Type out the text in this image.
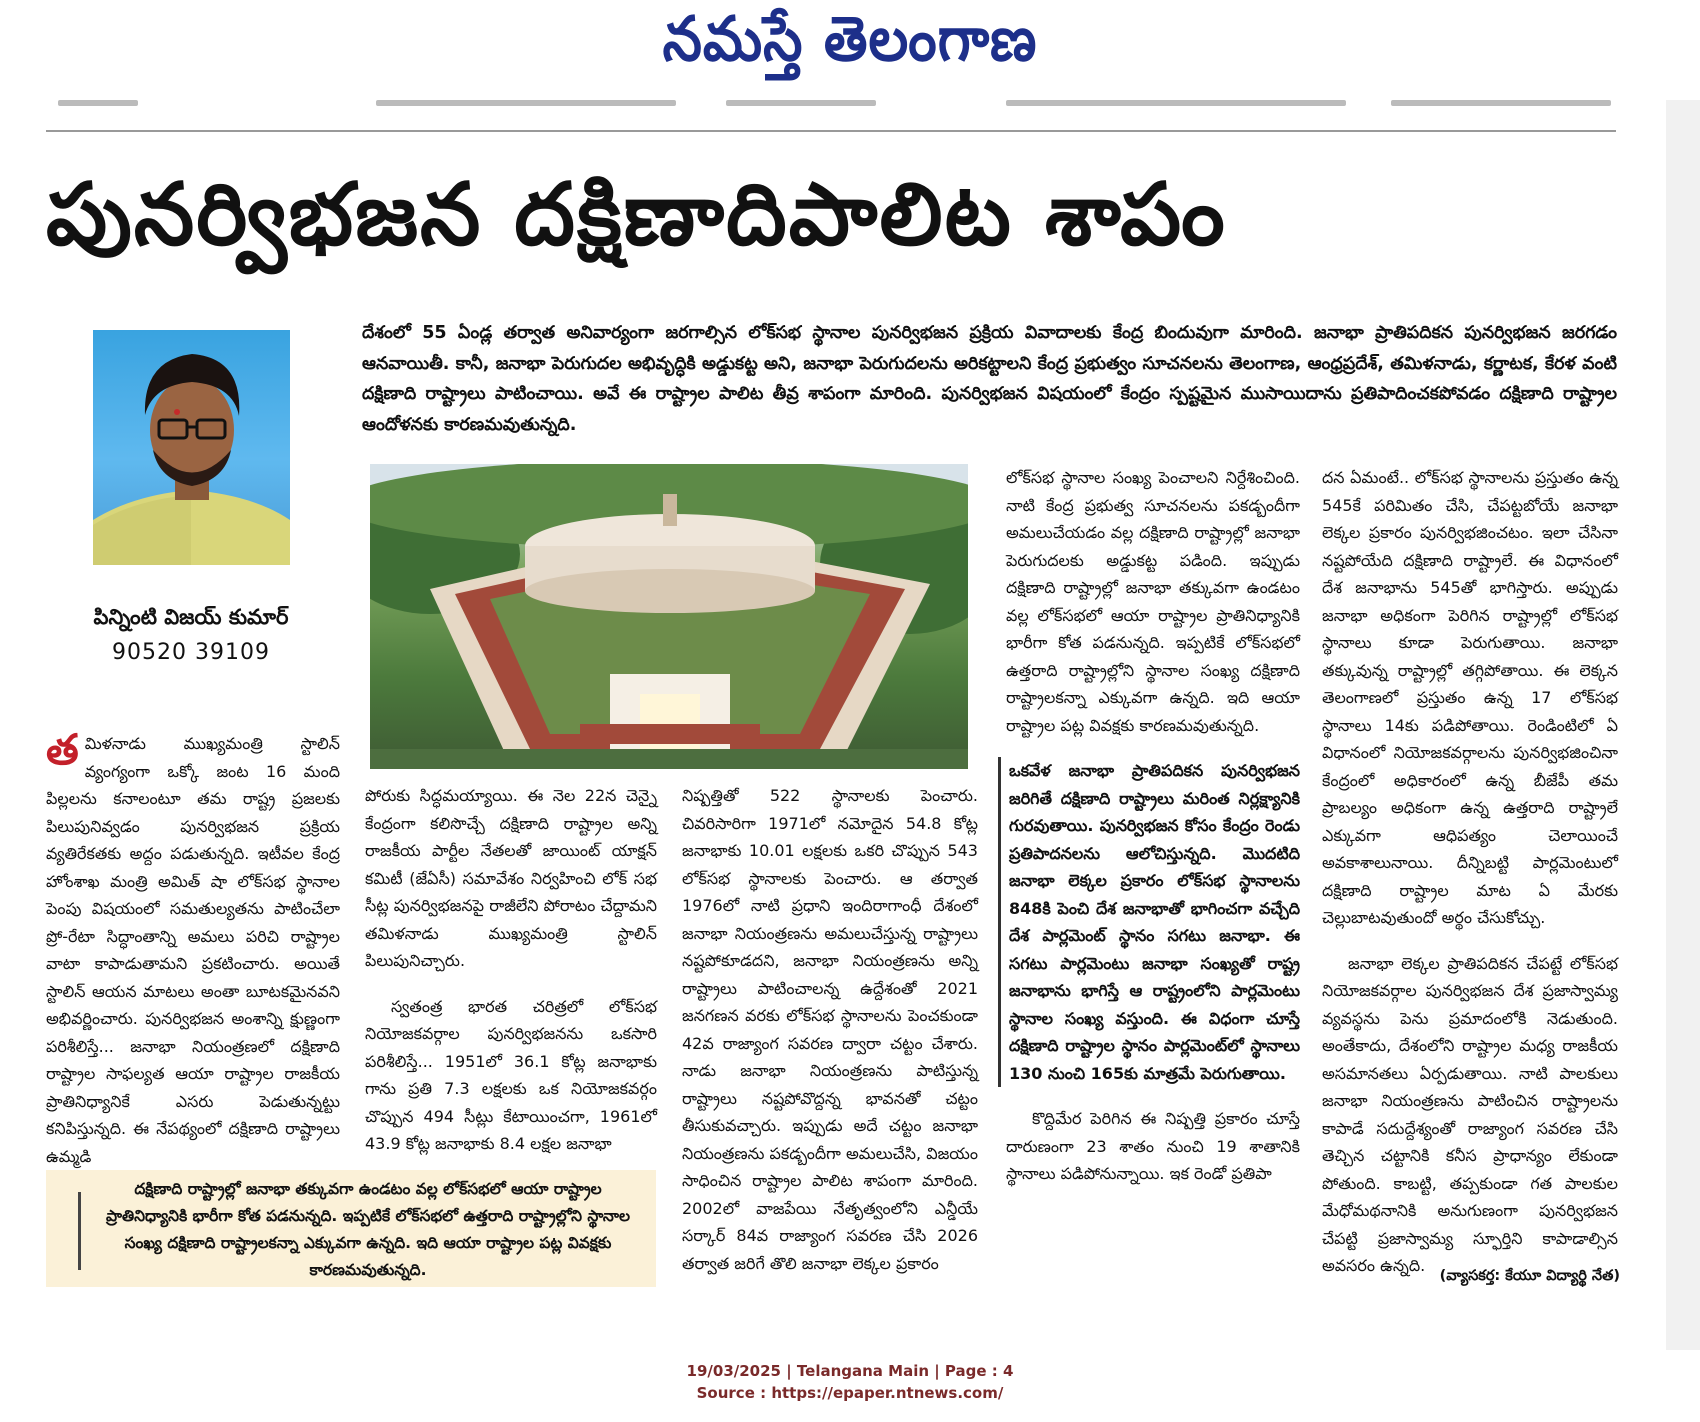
నమస్తే తెలంగాణ
పునర్విభజన దక్షిణాదిపాలిట శాపం
పిన్నింటి విజయ్ కుమార్
90520 39109
దేశంలో 55 ఏండ్ల తర్వాత అనివార్యంగా జరగాల్సిన లోక్‌సభ స్థానాల పునర్విభజన ప్రక్రియ వివాదాలకు కేంద్ర బిందువుగా మారింది. జనాభా ప్రాతిపదికన పునర్విభజన జరగడం ఆనవాయితీ. కానీ, జనాభా పెరుగుదల అభివృద్ధికి అడ్డుకట్ట అని, జనాభా పెరుగుదలను అరికట్టాలని కేంద్ర ప్రభుత్వం సూచనలను తెలంగాణ, ఆంధ్రప్రదేశ్, తమిళనాడు, కర్ణాటక, కేరళ వంటి దక్షిణాది రాష్ట్రాలు పాటించాయి. అవే ఈ రాష్ట్రాల పాలిట తీవ్ర శాపంగా మారింది. పునర్విభజన విషయంలో కేంద్రం స్పష్టమైన ముసాయిదాను ప్రతిపాదించకపోవడం దక్షిణాది రాష్ట్రాల ఆందోళనకు కారణమవుతున్నది.

తమిళనాడు ముఖ్యమంత్రి స్టాలిన్ వ్యంగ్యంగా ఒక్కో జంట 16 మంది పిల్లలను కనాలంటూ తమ రాష్ట్ర ప్రజలకు పిలుపునివ్వడం పునర్విభజన ప్రక్రియ వ్యతిరేకతకు అద్దం పడుతున్నది. ఇటీవల కేంద్ర హోంశాఖ మంత్రి అమిత్ షా లోక్‌సభ స్థానాల పెంపు విషయంలో సమతుల్యతను పాటించేలా ప్రో-రేటా సిద్ధాంతాన్ని అమలు పరిచి రాష్ట్రాల వాటా కాపాడుతామని ప్రకటించారు. అయితే స్టాలిన్ ఆయన మాటలు అంతా బూటకమైనవని అభివర్ణించారు. పునర్విభజన అంశాన్ని క్షుణ్ణంగా పరిశీలిస్తే... జనాభా నియంత్రణలో దక్షిణాది రాష్ట్రాల సాఫల్యత ఆయా రాష్ట్రాల రాజకీయ ప్రాతినిధ్యానికే ఎసరు పెడుతున్నట్టు కనిపిస్తున్నది. ఈ నేపథ్యంలో దక్షిణాది రాష్ట్రాలు ఉమ్మడి

దక్షిణాది రాష్ట్రాల్లో జనాభా తక్కువగా ఉండటం వల్ల లోక్‌సభలో ఆయా రాష్ట్రాల ప్రాతినిధ్యానికి భారీగా కోత పడనున్నది. ఇప్పటికే లోక్‌సభలో ఉత్తరాది రాష్ట్రాల్లోని స్థానాల సంఖ్య దక్షిణాది రాష్ట్రాలకన్నా ఎక్కువగా ఉన్నది. ఇది ఆయా రాష్ట్రాల పట్ల వివక్షకు కారణమవుతున్నది.

పోరుకు సిద్ధమయ్యాయి. ఈ నెల 22న చెన్నై కేంద్రంగా కలిసొచ్చే దక్షిణాది రాష్ట్రాల అన్ని రాజకీయ పార్టీల నేతలతో జాయింట్ యాక్షన్ కమిటీ (జేఏసీ) సమావేశం నిర్వహించి లోక్ సభ సీట్ల పునర్విభజనపై రాజీలేని పోరాటం చేద్దామని తమిళనాడు ముఖ్యమంత్రి స్టాలిన్ పిలుపునిచ్చారు.

స్వతంత్ర భారత చరిత్రలో లోక్‌సభ నియోజకవర్గాల పునర్విభజనను ఒకసారి పరిశీలిస్తే... 1951లో 36.1 కోట్ల జనాభాకు గాను ప్రతి 7.3 లక్షలకు ఒక నియోజకవర్గం చొప్పున 494 సీట్లు కేటాయించగా, 1961లో 43.9 కోట్ల జనాభాకు 8.4 లక్షల జనాభా

నిష్పత్తితో 522 స్థానాలకు పెంచారు. చివరిసారిగా 1971లో నమోదైన 54.8 కోట్ల జనాభాకు 10.01 లక్షలకు ఒకరి చొప్పున 543 లోక్‌సభ స్థానాలకు పెంచారు. ఆ తర్వాత 1976లో నాటి ప్రధాని ఇందిరాగాంధీ దేశంలో జనాభా నియంత్రణను అమలుచేస్తున్న రాష్ట్రాలు నష్టపోకూడదని, జనాభా నియంత్రణను అన్ని రాష్ట్రాలు పాటించాలన్న ఉద్దేశంతో 2021 జనగణన వరకు లోక్‌సభ స్థానాలను పెంచకుండా 42వ రాజ్యాంగ సవరణ ద్వారా చట్టం చేశారు. నాడు జనాభా నియంత్రణను పాటిస్తున్న రాష్ట్రాలు నష్టపోవొద్దన్న భావనతో చట్టం తీసుకువచ్చారు. ఇప్పుడు అదే చట్టం జనాభా నియంత్రణను పకడ్బందీగా అమలుచేసి, విజయం సాధించిన రాష్ట్రాల పాలిట శాపంగా మారింది. 2002లో వాజపేయి నేతృత్వంలోని ఎన్డీయే సర్కార్ 84వ రాజ్యాంగ సవరణ చేసి 2026 తర్వాత జరిగే తొలి జనాభా లెక్కల ప్రకారం

లోక్‌సభ స్థానాల సంఖ్య పెంచాలని నిర్దేశించింది. నాటి కేంద్ర ప్రభుత్వ సూచనలను పకడ్బందీగా అమలుచేయడం వల్ల దక్షిణాది రాష్ట్రాల్లో జనాభా పెరుగుదలకు అడ్డుకట్ట పడింది. ఇప్పుడు దక్షిణాది రాష్ట్రాల్లో జనాభా తక్కువగా ఉండటం వల్ల లోక్‌సభలో ఆయా రాష్ట్రాల ప్రాతినిధ్యానికి భారీగా కోత పడనున్నది. ఇప్పటికే లోక్‌సభలో ఉత్తరాది రాష్ట్రాల్లోని స్థానాల సంఖ్య దక్షిణాది రాష్ట్రాలకన్నా ఎక్కువగా ఉన్నది. ఇది ఆయా రాష్ట్రాల పట్ల వివక్షకు కారణమవుతున్నది.

ఒకవేళ జనాభా ప్రాతిపదికన పునర్విభజన జరిగితే దక్షిణాది రాష్ట్రాలు మరింత నిర్లక్ష్యానికి గురవుతాయి. పునర్విభజన కోసం కేంద్రం రెండు ప్రతిపాదనలను ఆలోచిస్తున్నది. మొదటిది జనాభా లెక్కల ప్రకారం లోక్‌సభ స్థానాలను 848కి పెంచి దేశ జనాభాతో భాగించగా వచ్చేది దేశ పార్లమెంట్ స్థానం సగటు జనాభా. ఈ సగటు పార్లమెంటు జనాభా సంఖ్యతో రాష్ట్ర జనాభాను భాగిస్తే ఆ రాష్ట్రంలోని పార్లమెంటు స్థానాల సంఖ్య వస్తుంది. ఈ విధంగా చూస్తే దక్షిణాది రాష్ట్రాల స్థానం పార్లమెంట్‌లో స్థానాలు 130 నుంచి 165కు మాత్రమే పెరుగుతాయి.

కొద్దిమేర పెరిగిన ఈ నిష్పత్తి ప్రకారం చూస్తే దారుణంగా 23 శాతం నుంచి 19 శాతానికి స్థానాలు పడిపోనున్నాయి. ఇక రెండో ప్రతిపా

దన ఏమంటే.. లోక్‌సభ స్థానాలను ప్రస్తుతం ఉన్న 545కే పరిమితం చేసి, చేపట్టబోయే జనాభా లెక్కల ప్రకారం పునర్విభజించటం. ఇలా చేసినా నష్టపోయేది దక్షిణాది రాష్ట్రాలే. ఈ విధానంలో దేశ జనాభాను 545తో భాగిస్తారు. అప్పుడు జనాభా అధికంగా పెరిగిన రాష్ట్రాల్లో లోక్‌సభ స్థానాలు కూడా పెరుగుతాయి. జనాభా తక్కువున్న రాష్ట్రాల్లో తగ్గిపోతాయి. ఈ లెక్కన తెలంగాణలో ప్రస్తుతం ఉన్న 17 లోక్‌సభ స్థానాలు 14కు పడిపోతాయి. రెండింటిలో ఏ విధానంలో నియోజకవర్గాలను పునర్విభజించినా కేంద్రంలో అధికారంలో ఉన్న బీజేపీ తమ ప్రాబల్యం అధికంగా ఉన్న ఉత్తరాది రాష్ట్రాలే ఎక్కువగా ఆధిపత్యం చెలాయించే అవకాశాలునాయి. దీన్నిబట్టి పార్లమెంటులో దక్షిణాది రాష్ట్రాల మాట ఏ మేరకు చెల్లుబాటవుతుందో అర్థం చేసుకోచ్చు.

జనాభా లెక్కల ప్రాతిపదికన చేపట్టే లోక్‌సభ నియోజకవర్గాల పునర్విభజన దేశ ప్రజాస్వామ్య వ్యవస్థను పెను ప్రమాదంలోకి నెడుతుంది. అంతేకాదు, దేశంలోని రాష్ట్రాల మధ్య రాజకీయ అసమానతలు ఏర్పడుతాయి. నాటి పాలకులు జనాభా నియంత్రణను పాటించిన రాష్ట్రాలను కాపాడే సదుద్దేశ్యంతో రాజ్యాంగ సవరణ చేసి తెచ్చిన చట్టానికి కనీస ప్రాధాన్యం లేకుండా పోతుంది. కాబట్టి, తప్పకుండా గత పాలకుల మేధోమథనానికి అనుగుణంగా పునర్విభజన చేపట్టి ప్రజాస్వామ్య స్ఫూర్తిని కాపాడాల్సిన అవసరం ఉన్నది.

(వ్యాసకర్త: కేయూ విద్యార్థి నేత)
19/03/2025 | Telangana Main | Page : 4
Source : https://epaper.ntnews.com/
